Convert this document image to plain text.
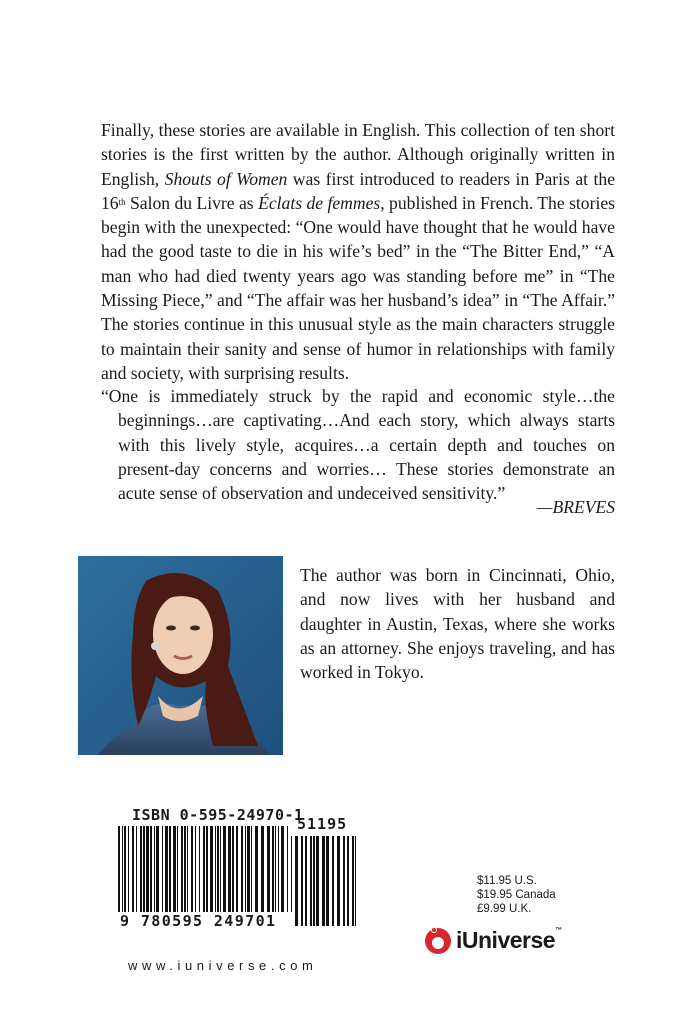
Finally, these stories are available in English. This collection of ten short stories is the first written by the author. Although originally written in English, Shouts of Women was first introduced to readers in Paris at the 16th Salon du Livre as Éclats de femmes, published in French. The stories begin with the unexpected: “One would have thought that he would have had the good taste to die in his wife’s bed” in the “The Bitter End,” “A man who had died twenty years ago was standing before me” in “The Missing Piece,” and “The affair was her husband’s idea” in “The Affair.” The stories continue in this unusual style as the main characters struggle to maintain their sanity and sense of humor in relationships with family and society, with surprising results.

“One is immediately struck by the rapid and economic style…the beginnings…are captivating…And each story, which always starts with this lively style, acquires…a certain depth and touches on present-day concerns and worries… These stories demonstrate an acute sense of observation and undeceived sensitivity.”

—BREVES
The author was born in Cincinnati, Ohio, and now lives with her husband and daughter in Austin, Texas, where she works as an attorney. She enjoys traveling, and has worked in Tokyo.
ISBN 0-595-24970-1
51195
9 780595 249701
$11.95 U.S.
$19.95 Canada
£9.99 U.K.
iUniverse™
www.iuniverse.com
